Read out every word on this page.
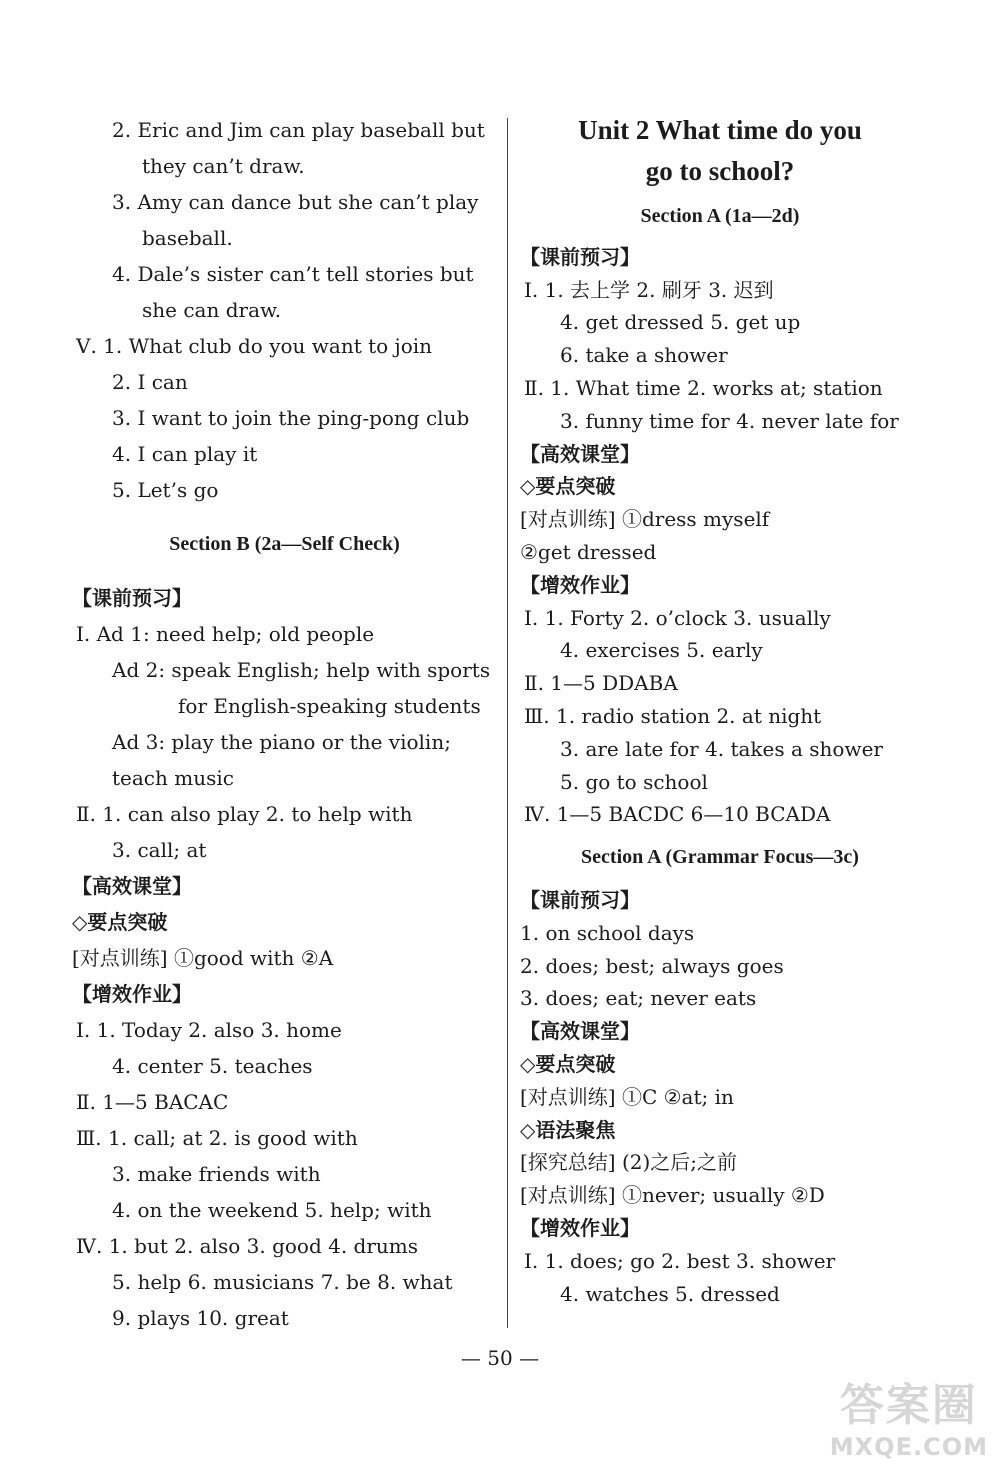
2. Eric and Jim can play baseball but
they can’t draw.
3. Amy can dance but she can’t play
baseball.
4. Dale’s sister can’t tell stories but
she can draw.
Ⅴ. 1. What club do you want to join
2. I can
3. I want to join the ping-pong club
4. I can play it
5. Let’s go
Section B (2a—Self Check)
【课前预习】
Ⅰ. Ad 1: need help; old people
Ad 2: speak English; help with sports
for English-speaking students
Ad 3: play the piano or the violin;
teach music
Ⅱ. 1. can also play 2. to help with
3. call; at
【高效课堂】
◇要点突破
[对点训练] ①good with ②A
【增效作业】
Ⅰ. 1. Today 2. also 3. home
4. center 5. teaches
Ⅱ. 1—5 BACAC
Ⅲ. 1. call; at 2. is good with
3. make friends with
4. on the weekend 5. help; with
Ⅳ. 1. but 2. also 3. good 4. drums
5. help 6. musicians 7. be 8. what
9. plays 10. great
Unit 2 What time do you
go to school?
Section A (1a—2d)
【课前预习】
Ⅰ. 1. 去上学 2. 刷牙 3. 迟到
4. get dressed 5. get up
6. take a shower
Ⅱ. 1. What time 2. works at; station
3. funny time for 4. never late for
【高效课堂】
◇要点突破
[对点训练] ①dress myself
②get dressed
【增效作业】
Ⅰ. 1. Forty 2. o’clock 3. usually
4. exercises 5. early
Ⅱ. 1—5 DDABA
Ⅲ. 1. radio station 2. at night
3. are late for 4. takes a shower
5. go to school
Ⅳ. 1—5 BACDC 6—10 BCADA
Section A (Grammar Focus—3c)
【课前预习】
1. on school days
2. does; best; always goes
3. does; eat; never eats
【高效课堂】
◇要点突破
[对点训练] ①C ②at; in
◇语法聚焦
[探究总结] (2)之后;之前
[对点训练] ①never; usually ②D
【增效作业】
Ⅰ. 1. does; go 2. best 3. shower
4. watches 5. dressed
— 50 —
答案圈
MXQE.COM
